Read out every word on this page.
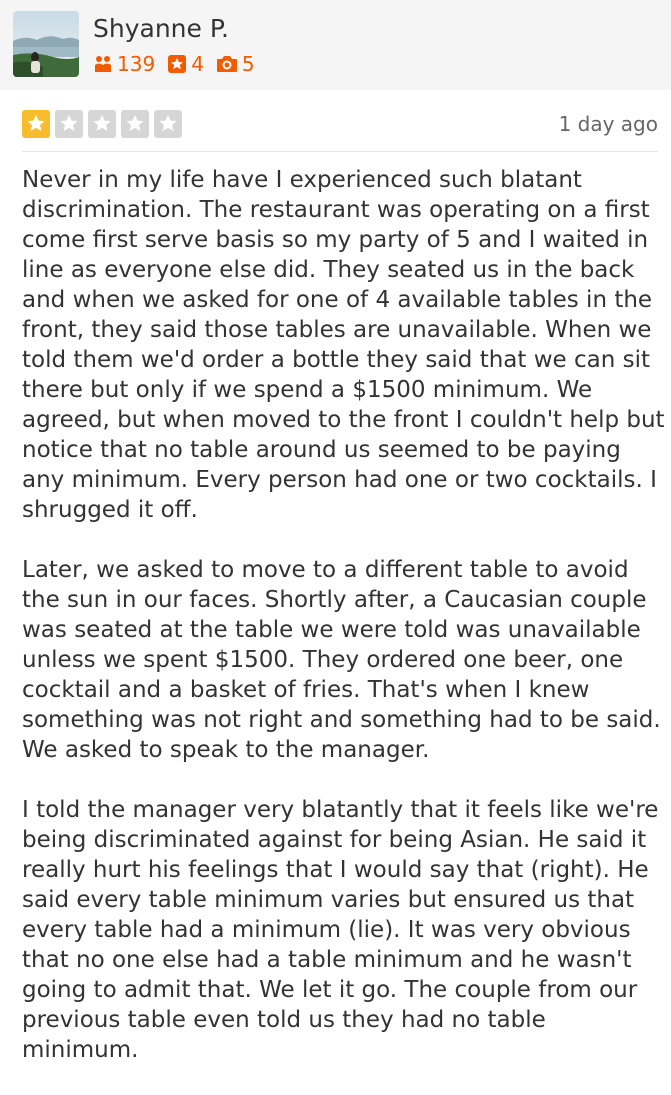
Shyanne P.
139 4 5
1 day ago

Never in my life have I experienced such blatant discrimination. The restaurant was operating on a first come first serve basis so my party of 5 and I waited in line as everyone else did. They seated us in the back and when we asked for one of 4 available tables in the front, they said those tables are unavailable. When we told them we'd order a bottle they said that we can sit there but only if we spend a $1500 minimum. We agreed, but when moved to the front I couldn't help but notice that no table around us seemed to be paying any minimum. Every person had one or two cocktails. I shrugged it off.

Later, we asked to move to a different table to avoid the sun in our faces. Shortly after, a Caucasian couple was seated at the table we were told was unavailable unless we spent $1500. They ordered one beer, one cocktail and a basket of fries. That's when I knew something was not right and something had to be said. We asked to speak to the manager.

I told the manager very blatantly that it feels like we're being discriminated against for being Asian. He said it really hurt his feelings that I would say that (right). He said every table minimum varies but ensured us that every table had a minimum (lie). It was very obvious that no one else had a table minimum and he wasn't going to admit that. We let it go. The couple from our previous table even told us they had no table minimum.
